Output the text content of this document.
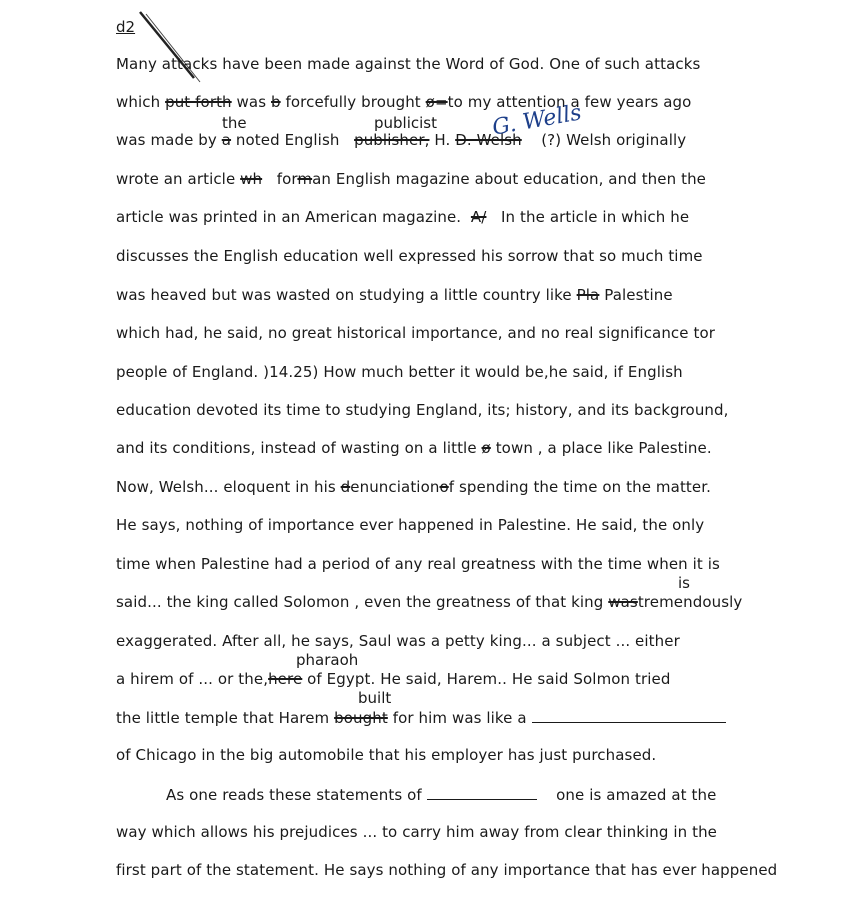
d2
Many attacks have been made against the Word of God. One of such attacks
which put forth was b forcefully brought ø=to my attention a few years ago
the	publicist G. Wells
was made by a noted English publisher, H. D. Welsh (?) Welsh originally
wrote an article wh forman English magazine about education, and then the
article was printed in an American magazine. A/ In the article in which he
discusses the English education well expressed his sorrow that so much time
was heaved but was wasted on studying a little country like Pla Palestine
which had, he said, no great historical importance, and no real significance tor
people of England. )14.25) How much better it would be,he said, if English
education devoted its time to studying England, its; history, and its background,
and its conditions, instead of wasting on a little ø town , a place like Palestine.
Now, Welsh... eloquent in his denunciationof spending the time on the matter.
He says, nothing of importance ever happened in Palestine. He said, the only
time when Palestine had a period of any real greatness with the time when it is
is
said... the king called Solomon , even the greatness of that king wastremendously
exaggerated. After all, he says, Saul was a petty king... a subject ... either
pharaoh
a hirem of ... or the,here of Egypt. He said, Harem.. He said Solmon tried
built
the little temple that Harem bought for him was like a
of Chicago in the big automobile that his employer has just purchased.
As one reads these statements of	one is amazed at the
way which allows his prejudices ... to carry him away from clear thinking in the
first part of the statement. He says nothing of any importance that has ever happened
